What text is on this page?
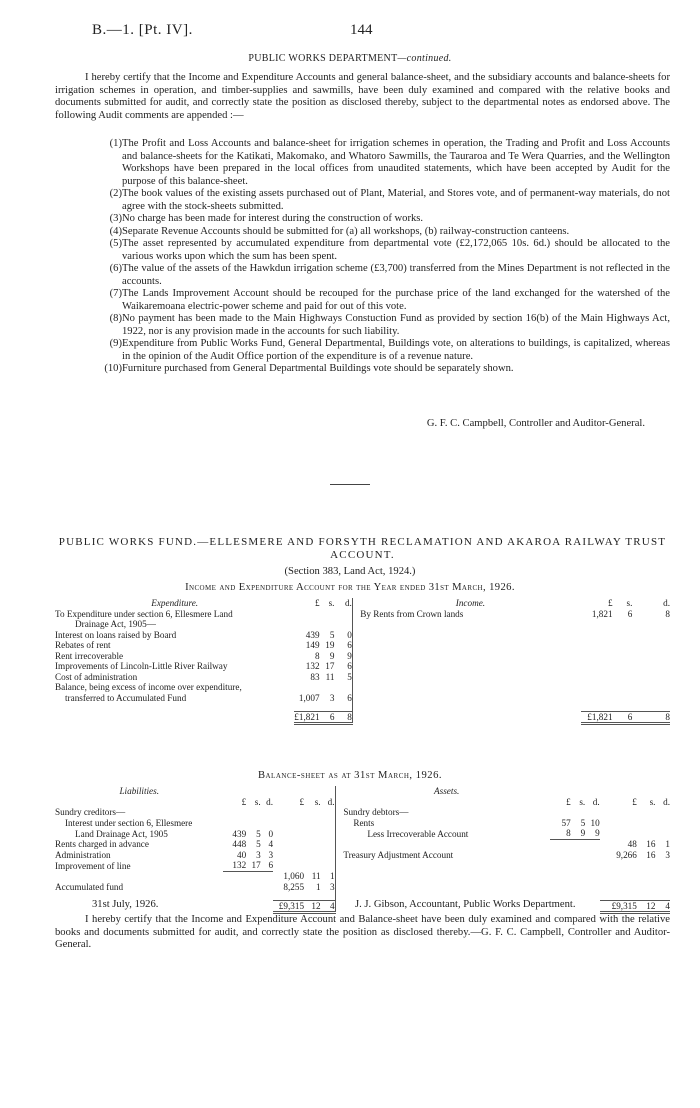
B.—1. [Pt. IV].	144
PUBLIC WORKS DEPARTMENT—continued.
I hereby certify that the Income and Expenditure Accounts and general balance-sheet, and the subsidiary accounts and balance-sheets for irrigation schemes in operation, and timber-supplies and sawmills, have been duly examined and compared with the relative books and documents submitted for audit, and correctly state the position as disclosed thereby, subject to the departmental notes as endorsed above. The following Audit comments are appended :—
(1) The Profit and Loss Accounts and balance-sheet for irrigation schemes in operation, the Trading and Profit and Loss Accounts and balance-sheets for the Katikati, Makomako, and Whatoro Sawmills, the Tauraroa and Te Wera Quarries, and the Wellington Workshops have been prepared in the local offices from unaudited statements, which have been accepted by Audit for the purpose of this balance-sheet.
(2) The book values of the existing assets purchased out of Plant, Material, and Stores vote, and of permanent-way materials, do not agree with the stock-sheets submitted.
(3) No charge has been made for interest during the construction of works.
(4) Separate Revenue Accounts should be submitted for (a) all workshops, (b) railway-construction canteens.
(5) The asset represented by accumulated expenditure from departmental vote (£2,172,065 10s. 6d.) should be allocated to the various works upon which the sum has been spent.
(6) The value of the assets of the Hawkdun irrigation scheme (£3,700) transferred from the Mines Department is not reflected in the accounts.
(7) The Lands Improvement Account should be recouped for the purchase price of the land exchanged for the watershed of the Waikaremoana electric-power scheme and paid for out of this vote.
(8) No payment has been made to the Main Highways Constuction Fund as provided by section 16(b) of the Main Highways Act, 1922, nor is any provision made in the accounts for such liability.
(9) Expenditure from Public Works Fund, General Departmental, Buildings vote, on alterations to buildings, is capitalized, whereas in the opinion of the Audit Office portion of the expenditure is of a revenue nature.
(10) Furniture purchased from General Departmental Buildings vote should be separately shown.
G. F. C. Campbell, Controller and Auditor-General.
PUBLIC WORKS FUND.—ELLESMERE AND FORSYTH RECLAMATION AND AKAROA RAILWAY TRUST ACCOUNT.
(Section 383, Land Act, 1924.)
Income and Expenditure Account for the Year ended 31st March, 1926.
Expenditure.	£	s.	d.		Income.	£	s.	d.
To Expenditure under section 6, Ellesmere Land					By Rents from Crown lands	1,821	6	8
Drainage Act, 1905—								
Interest on loans raised by Board	439	5	0					
Rebates of rent	149	19	6					
Rent irrecoverable	8	9	9					
Improvements of Lincoln-Little River Railway	132	17	6					
Cost of administration	83	11	5					
Balance, being excess of income over expenditure,								
transferred to Accumulated Fund	1,007	3	6					

	£1,821	6	8			£1,821	6	8
Balance-sheet as at 31st March, 1926.
Liabilities.								Assets.						
	£	s.	d.	£	s.	d.			£	s.	d.	£	s.	d.
Sundry creditors—								Sundry debtors—						
Interest under section 6, Ellesmere								Rents	57	5	10			
Land Drainage Act, 1905	439	5	0					Less Irrecoverable Account	8	9	9			
Rents charged in advance	448	5	4									48	16	1
Administration	40	3	3					Treasury Adjustment Account				9,266	16	3
Improvement of line	132	17	6											
				1,060	11	1								
Accumulated fund				8,255	1	3								

				£9,315	12	4						£9,315	12	4
31st July, 1926.	J. J. Gibson, Accountant, Public Works Department.
I hereby certify that the Income and Expenditure Account and Balance-sheet have been duly examined and compared with the relative books and documents submitted for audit, and correctly state the position as disclosed thereby.—G. F. C. Campbell, Controller and Auditor-General.
